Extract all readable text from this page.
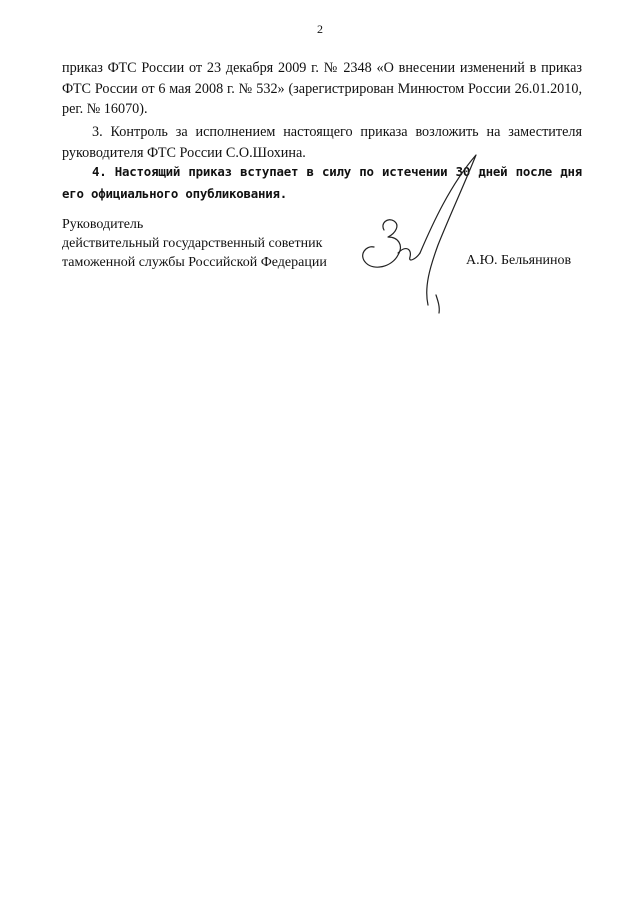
2

приказ ФТС России от 23 декабря 2009 г. № 2348 «О внесении изменений в приказ ФТС России от 6 мая 2008 г. № 532» (зарегистрирован Минюстом России 26.01.2010, рег. № 16070).

3. Контроль за исполнением настоящего приказа возложить на заместителя руководителя ФТС России С.О.Шохина.

4. Настоящий приказ вступает в силу по истечении 30 дней после дня его официального опубликования.

Руководитель
действительный государственный советник
таможенной службы Российской Федерации	А.Ю. Бельянинов
